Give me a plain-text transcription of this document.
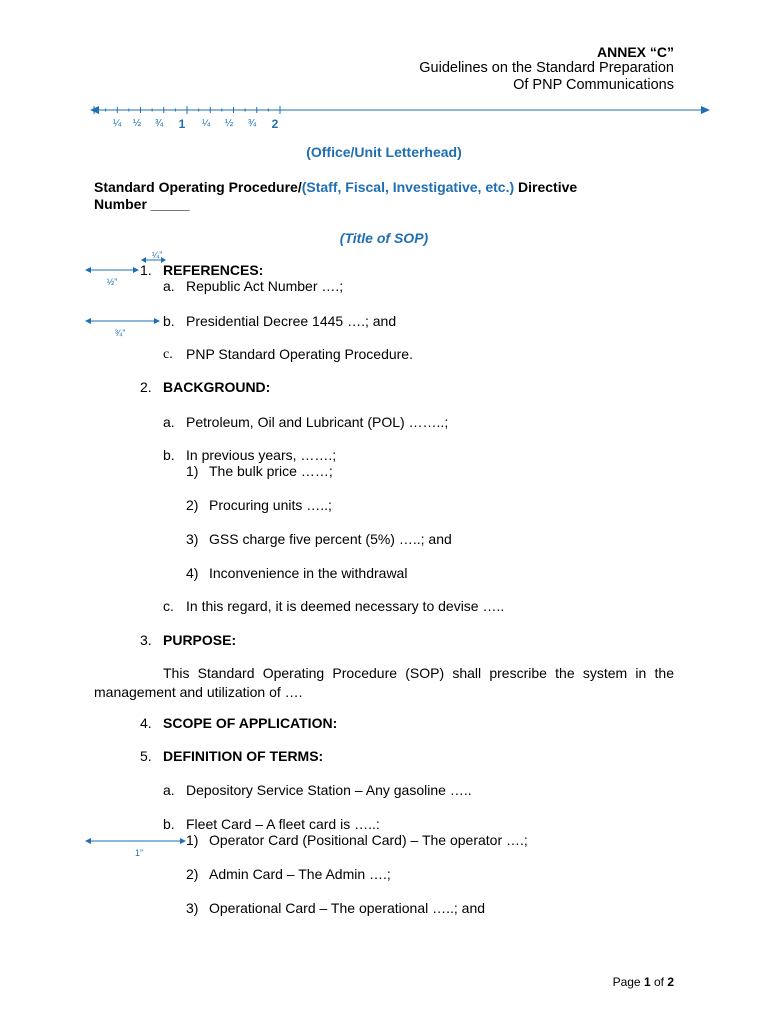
ANNEX “C”
Guidelines on the Standard Preparation
Of PNP Communications
¼ ½ ¾ 1 ¼ ½ ¾ 2
(Office/Unit Letterhead)
Standard Operating Procedure/(Staff, Fiscal, Investigative, etc.) Directive
Number _____
(Title of SOP)
¼”
½”
¾”
1”
1. REFERENCES:
a. Republic Act Number ….;
b. Presidential Decree 1445 ….; and
c. PNP Standard Operating Procedure.
2. BACKGROUND:
a. Petroleum, Oil and Lubricant (POL) ……..;
b. In previous years, …….;
1) The bulk price ……;
2) Procuring units …..;
3) GSS charge five percent (5%) …..; and
4) Inconvenience in the withdrawal
c. In this regard, it is deemed necessary to devise …..
3. PURPOSE:
This Standard Operating Procedure (SOP) shall prescribe the system in the management and utilization of ….
4. SCOPE OF APPLICATION:
5. DEFINITION OF TERMS:
a. Depository Service Station – Any gasoline …..
b. Fleet Card – A fleet card is …..:
1) Operator Card (Positional Card) – The operator ….;
2) Admin Card – The Admin ….;
3) Operational Card – The operational …..; and
Page 1 of 2
